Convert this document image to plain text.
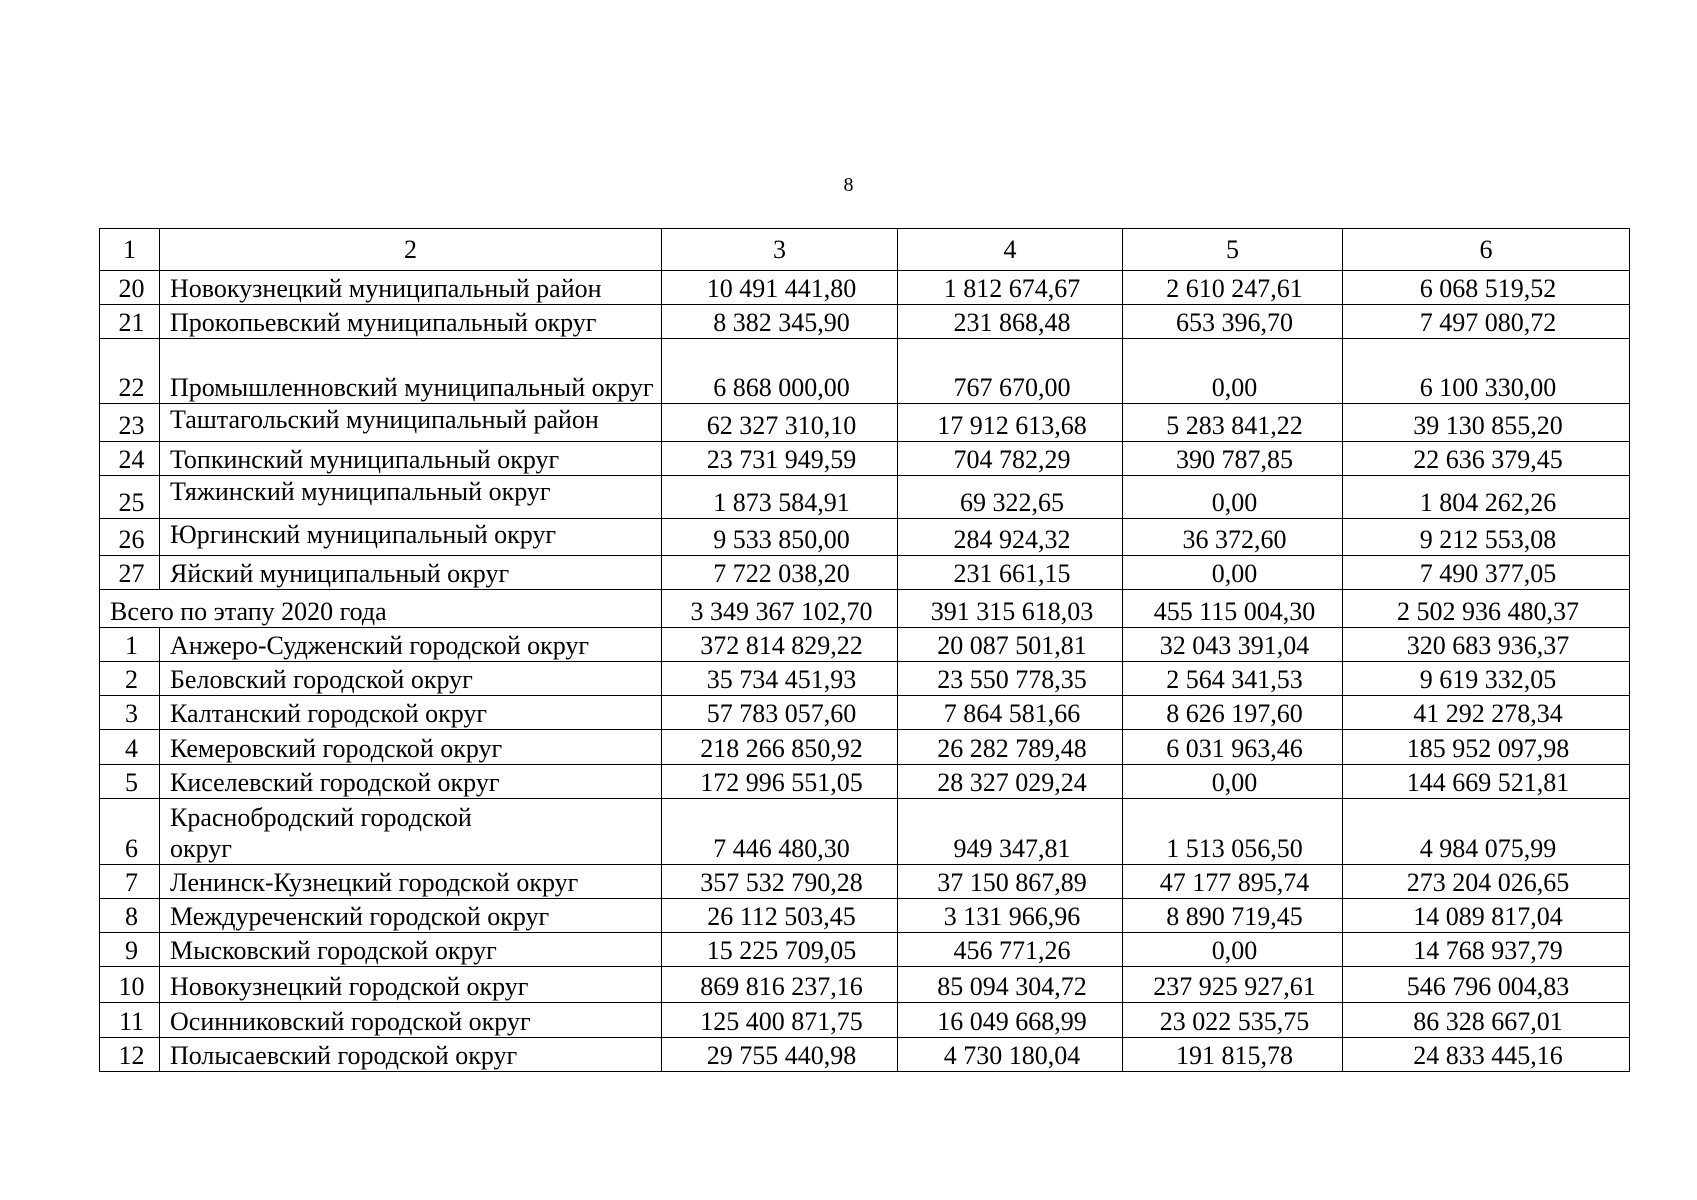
8
1	2	3	4	5	6
20	Новокузнецкий муниципальный район	10 491 441,80	1 812 674,67	2 610 247,61	6 068 519,52
21	Прокопьевский муниципальный округ	8 382 345,90	231 868,48	653 396,70	7 497 080,72
22	Промышленновский муниципальный округ	6 868 000,00	767 670,00	0,00	6 100 330,00
23	Таштагольский муниципальный район	62 327 310,10	17 912 613,68	5 283 841,22	39 130 855,20
24	Топкинский муниципальный округ	23 731 949,59	704 782,29	390 787,85	22 636 379,45
25	Тяжинский муниципальный округ	1 873 584,91	69 322,65	0,00	1 804 262,26
26	Юргинский муниципальный округ	9 533 850,00	284 924,32	36 372,60	9 212 553,08
27	Яйский муниципальный округ	7 722 038,20	231 661,15	0,00	7 490 377,05
Всего по этапу 2020 года		3 349 367 102,70	391 315 618,03	455 115 004,30	2 502 936 480,37
1	Анжеро-Судженский городской округ	372 814 829,22	20 087 501,81	32 043 391,04	320 683 936,37
2	Беловский городской округ	35 734 451,93	23 550 778,35	2 564 341,53	9 619 332,05
3	Калтанский городской округ	57 783 057,60	7 864 581,66	8 626 197,60	41 292 278,34
4	Кемеровский городской округ	218 266 850,92	26 282 789,48	6 031 963,46	185 952 097,98
5	Киселевский городской округ	172 996 551,05	28 327 029,24	0,00	144 669 521,81
6	Краснобродский городской округ	7 446 480,30	949 347,81	1 513 056,50	4 984 075,99
7	Ленинск-Кузнецкий городской округ	357 532 790,28	37 150 867,89	47 177 895,74	273 204 026,65
8	Междуреченский городской округ	26 112 503,45	3 131 966,96	8 890 719,45	14 089 817,04
9	Мысковский городской округ	15 225 709,05	456 771,26	0,00	14 768 937,79
10	Новокузнецкий городской округ	869 816 237,16	85 094 304,72	237 925 927,61	546 796 004,83
11	Осинниковский городской округ	125 400 871,75	16 049 668,99	23 022 535,75	86 328 667,01
12	Полысаевский городской округ	29 755 440,98	4 730 180,04	191 815,78	24 833 445,16
